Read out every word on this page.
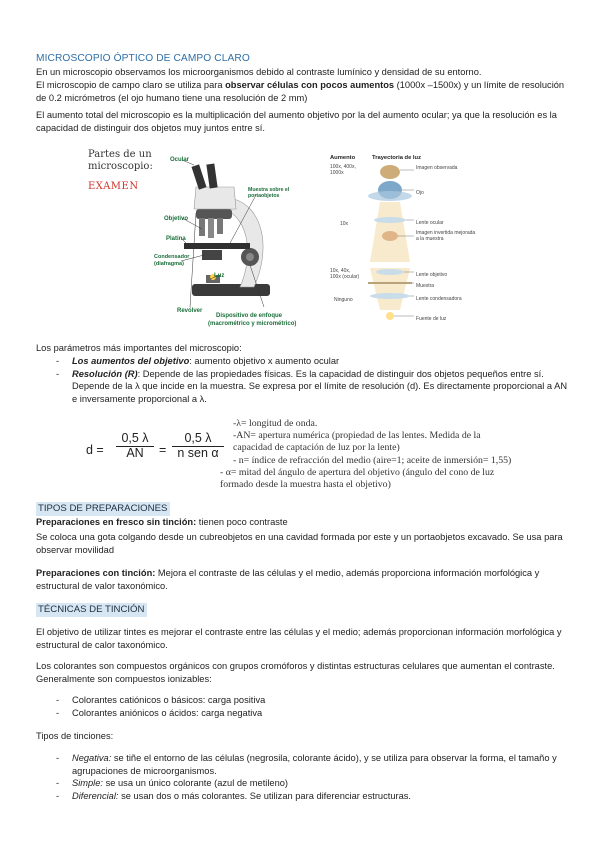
MICROSCOPIO ÓPTICO DE CAMPO CLARO
En un microscopio observamos los microorganismos debido al contraste lumínico y densidad de su entorno.
El microscopio de campo claro se utiliza para observar células con pocos aumentos (1000x –1500x) y un límite de resolución de 0.2 micrómetros (el ojo humano tiene una resolución de 2 mm)
El aumento total del microscopio es la multiplicación del aumento objetivo por la del aumento ocular; ya que la resolución es la capacidad de distinguir dos objetos muy juntos entre sí.
Partes de un
microscopio:
EXAMEN
Ocular
Muestra sobre el portaobjetos
Objetivo
Platina
Condensador (diafragma)
Luz
Revólver
Dispositivo de enfoque
(macrométrico y micrométrico)
Aumento	Trayectoria de luz
100x, 400x,
1000x
10x
10x, 40x,
100x (ocular)
Ninguno
Imagen observada
Ojo
Lente ocular
Imagen invertida mejorada a la muestra
Lente objetivo
Muestra
Lente condensadora
Fuente de luz
Los parámetros más importantes del microscopio:
- Los aumentos del objetivo: aumento objetivo x aumento ocular
- Resolución (R): Depende de las propiedades físicas. Es la capacidad de distinguir dos objetos pequeños entre sí. Depende de la λ que incide en la muestra. Se expresa por el límite de resolución (d). Es directamente proporcional a AN e inversamente proporcional a λ.
$d = \frac{0,5 \lambda}{AN}$ =
0,5 λ
n sen α
-λ= longitud de onda.
-AN= apertura numérica (propiedad de las lentes. Medida de la capacidad de captación de luz por la lente)
- n= índice de refracción del medio (aire=1; aceite de inmersión= 1,55)
- α= mitad del ángulo de apertura del objetivo (ángulo del cono de luz formado desde la muestra hasta el objetivo)
TIPOS DE PREPARACIONES
Preparaciones en fresco sin tinción: tienen poco contraste
Se coloca una gota colgando desde un cubreobjetos en una cavidad formada por este y un portaobjetos excavado. Se usa para observar movilidad
Preparaciones con tinción: Mejora el contraste de las células y el medio, además proporciona información morfológica y estructural de valor taxonómico.
TÉCNICAS DE TINCIÓN
El objetivo de utilizar tintes es mejorar el contraste entre las células y el medio; además proporcionan información morfológica y estructural de calor taxonómico.
Los colorantes son compuestos orgánicos con grupos cromóforos y distintas estructuras celulares que aumentan el contraste. Generalmente son compuestos ionizables:
- Colorantes catiónicos o básicos: carga positiva
- Colorantes aniónicos o ácidos: carga negativa
Tipos de tinciones:
- Negativa: se tiñe el entorno de las células (negrosila, colorante ácido), y se utiliza para observar la forma, el tamaño y agrupaciones de microorganismos.
- Simple: se usa un único colorante (azul de metileno)
- Diferencial: se usan dos o más colorantes. Se utilizan para diferenciar estructuras.
